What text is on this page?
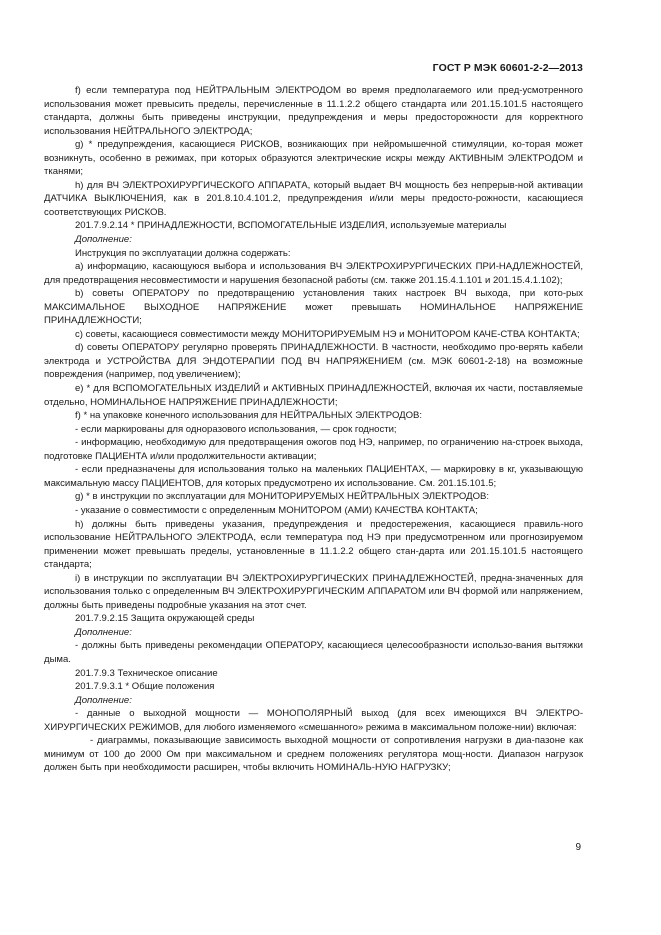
ГОСТ Р МЭК 60601-2-2—2013

f) если температура под НЕЙТРАЛЬНЫМ ЭЛЕКТРОДОМ во время предполагаемого или пред-усмотренного использования может превысить пределы, перечисленные в 11.1.2.2 общего стандарта или 201.15.101.5 настоящего стандарта, должны быть приведены инструкции, предупреждения и меры предосторожности для корректного использования НЕЙТРАЛЬНОГО ЭЛЕКТРОДА;

g) * предупреждения, касающиеся РИСКОВ, возникающих при нейромышечной стимуляции, ко-торая может возникнуть, особенно в режимах, при которых образуются электрические искры между АКТИВНЫМ ЭЛЕКТРОДОМ и тканями;

h) для ВЧ ЭЛЕКТРОХИРУРГИЧЕСКОГО АППАРАТА, который выдает ВЧ мощность без непрерыв-ной активации ДАТЧИКА ВЫКЛЮЧЕНИЯ, как в 201.8.10.4.101.2, предупреждения и/или меры предосто-рожности, касающиеся соответствующих РИСКОВ.

201.7.9.2.14 * ПРИНАДЛЕЖНОСТИ, ВСПОМОГАТЕЛЬНЫЕ ИЗДЕЛИЯ, используемые материалы

Дополнение:

Инструкция по эксплуатации должна содержать:

a) информацию, касающуюся выбора и использования ВЧ ЭЛЕКТРОХИРУРГИЧЕСКИХ ПРИ-НАДЛЕЖНОСТЕЙ, для предотвращения несовместимости и нарушения безопасной работы (см. также 201.15.4.1.101 и 201.15.4.1.102);

b) советы ОПЕРАТОРУ по предотвращению установления таких настроек ВЧ выхода, при кото-рых МАКСИМАЛЬНОЕ ВЫХОДНОЕ НАПРЯЖЕНИЕ может превышать НОМИНАЛЬНОЕ НАПРЯЖЕНИЕ ПРИНАДЛЕЖНОСТИ;

c) советы, касающиеся совместимости между МОНИТОРИРУЕМЫМ НЭ и МОНИТОРОМ КАЧЕ-СТВА КОНТАКТА;

d) советы ОПЕРАТОРУ регулярно проверять ПРИНАДЛЕЖНОСТИ. В частности, необходимо про-верять кабели электрода и УСТРОЙСТВА ДЛЯ ЭНДОТЕРАПИИ ПОД ВЧ НАПРЯЖЕНИЕМ (см. МЭК 60601-2-18) на возможные повреждения (например, под увеличением);

e) * для ВСПОМОГАТЕЛЬНЫХ ИЗДЕЛИЙ и АКТИВНЫХ ПРИНАДЛЕЖНОСТЕЙ, включая их части, поставляемые отдельно, НОМИНАЛЬНОЕ НАПРЯЖЕНИЕ ПРИНАДЛЕЖНОСТИ;

f) * на упаковке конечного использования для НЕЙТРАЛЬНЫХ ЭЛЕКТРОДОВ:

- если маркированы для одноразового использования, — срок годности;

- информацию, необходимую для предотвращения ожогов под НЭ, например, по ограничению на-строек выхода, подготовке ПАЦИЕНТА и/или продолжительности активации;

- если предназначены для использования только на маленьких ПАЦИЕНТАХ, — маркировку в кг, указывающую максимальную массу ПАЦИЕНТОВ, для которых предусмотрено их использование. См. 201.15.101.5;

g) * в инструкции по эксплуатации для МОНИТОРИРУЕМЫХ НЕЙТРАЛЬНЫХ ЭЛЕКТРОДОВ:

- указание о совместимости с определенным МОНИТОРОМ (АМИ) КАЧЕСТВА КОНТАКТА;

h) должны быть приведены указания, предупреждения и предостережения, касающиеся правиль-ного использование НЕЙТРАЛЬНОГО ЭЛЕКТРОДА, если температура под НЭ при предусмотренном или прогнозируемом применении может превышать пределы, установленные в 11.1.2.2 общего стан-дарта или 201.15.101.5 настоящего стандарта;

i) в инструкции по эксплуатации ВЧ ЭЛЕКТРОХИРУРГИЧЕСКИХ ПРИНАДЛЕЖНОСТЕЙ, предна-значенных для использования только с определенным ВЧ ЭЛЕКТРОХИРУРГИЧЕСКИМ АППАРАТОМ или ВЧ формой или напряжением, должны быть приведены подробные указания на этот счет.

201.7.9.2.15 Защита окружающей среды

Дополнение:

- должны быть приведены рекомендации ОПЕРАТОРУ, касающиеся целесообразности использо-вания вытяжки дыма.

201.7.9.3 Техническое описание

201.7.9.3.1 * Общие положения

Дополнение:

- данные о выходной мощности — МОНОПОЛЯРНЫЙ выход (для всех имеющихся ВЧ ЭЛЕКТРО-ХИРУРГИЧЕСКИХ РЕЖИМОВ, для любого изменяемого «смешанного» режима в максимальном положе-нии) включая:

- диаграммы, показывающие зависимость выходной мощности от сопротивления нагрузки в диа-пазоне как минимум от 100 до 2000 Ом при максимальном и среднем положениях регулятора мощ-ности. Диапазон нагрузок должен быть при необходимости расширен, чтобы включить НОМИНАЛЬ-НУЮ НАГРУЗКУ;

9
